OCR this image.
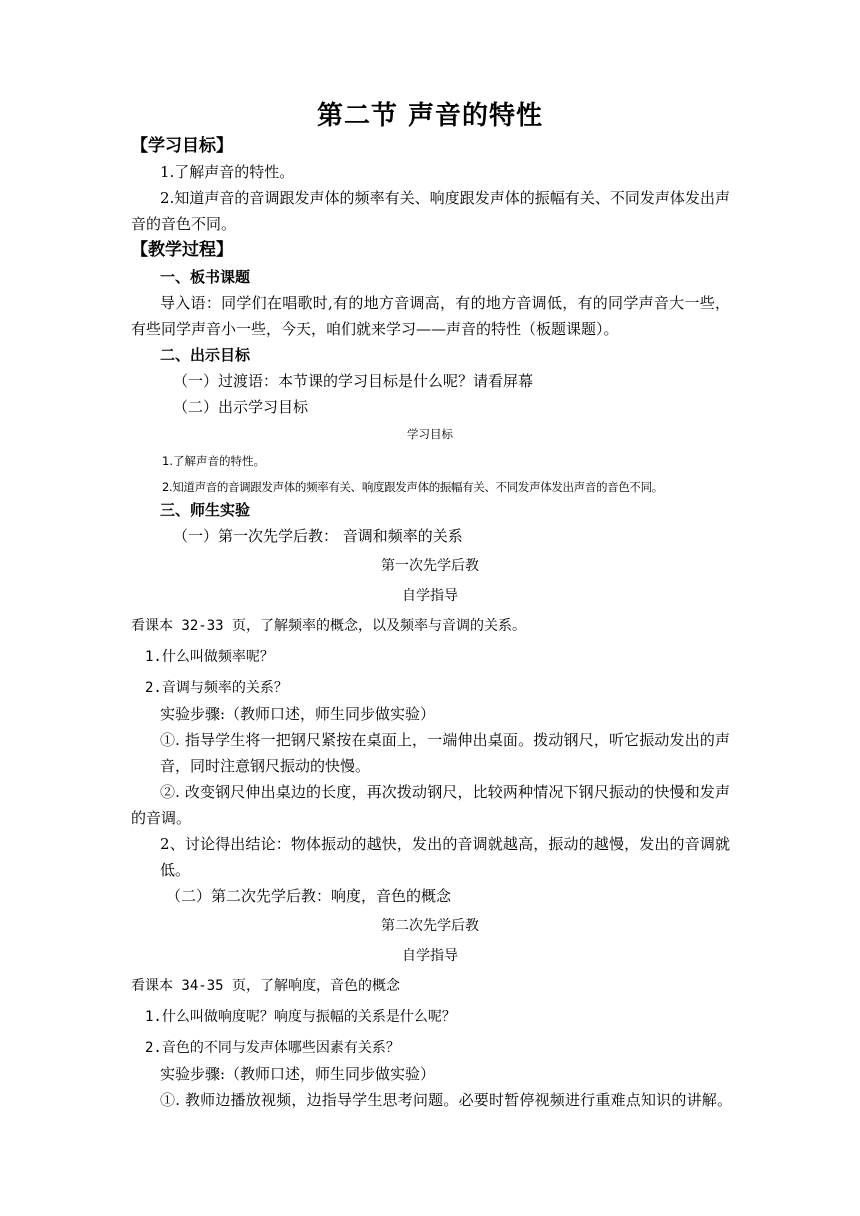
第二节 声音的特性
【学习目标】
1.了解声音的特性。
2.知道声音的音调跟发声体的频率有关、响度跟发声体的振幅有关、不同发声体发出声
音的音色不同。
【教学过程】
一、板书课题
导入语：同学们在唱歌时,有的地方音调高，有的地方音调低，有的同学声音大一些，
有些同学声音小一些，今天，咱们就来学习——声音的特性（板题课题）。
二、出示目标
（一）过渡语：本节课的学习目标是什么呢？请看屏幕
（二）出示学习目标
学习目标
1.了解声音的特性。
2.知道声音的音调跟发声体的频率有关、响度跟发声体的振幅有关、不同发声体发出声音的音色不同。
三、师生实验
（一）第一次先学后教： 音调和频率的关系
第一次先学后教
自学指导
看课本 32-33 页，了解频率的概念，以及频率与音调的关系。
1.什么叫做频率呢？
2.音调与频率的关系？
实验步骤:（教师口述，师生同步做实验）
①. 指导学生将一把钢尺紧按在桌面上，一端伸出桌面。拨动钢尺，听它振动发出的声
音，同时注意钢尺振动的快慢。
②. 改变钢尺伸出桌边的长度，再次拨动钢尺，比较两种情况下钢尺振动的快慢和发声
的音调。
2、讨论得出结论：物体振动的越快，发出的音调就越高，振动的越慢，发出的音调就
低。
（二）第二次先学后教：响度，音色的概念
第二次先学后教
自学指导
看课本 34-35 页，了解响度，音色的概念
1.什么叫做响度呢？响度与振幅的关系是什么呢？
2.音色的不同与发声体哪些因素有关系？
实验步骤:（教师口述，师生同步做实验）
①. 教师边播放视频，边指导学生思考问题。必要时暂停视频进行重难点知识的讲解。
